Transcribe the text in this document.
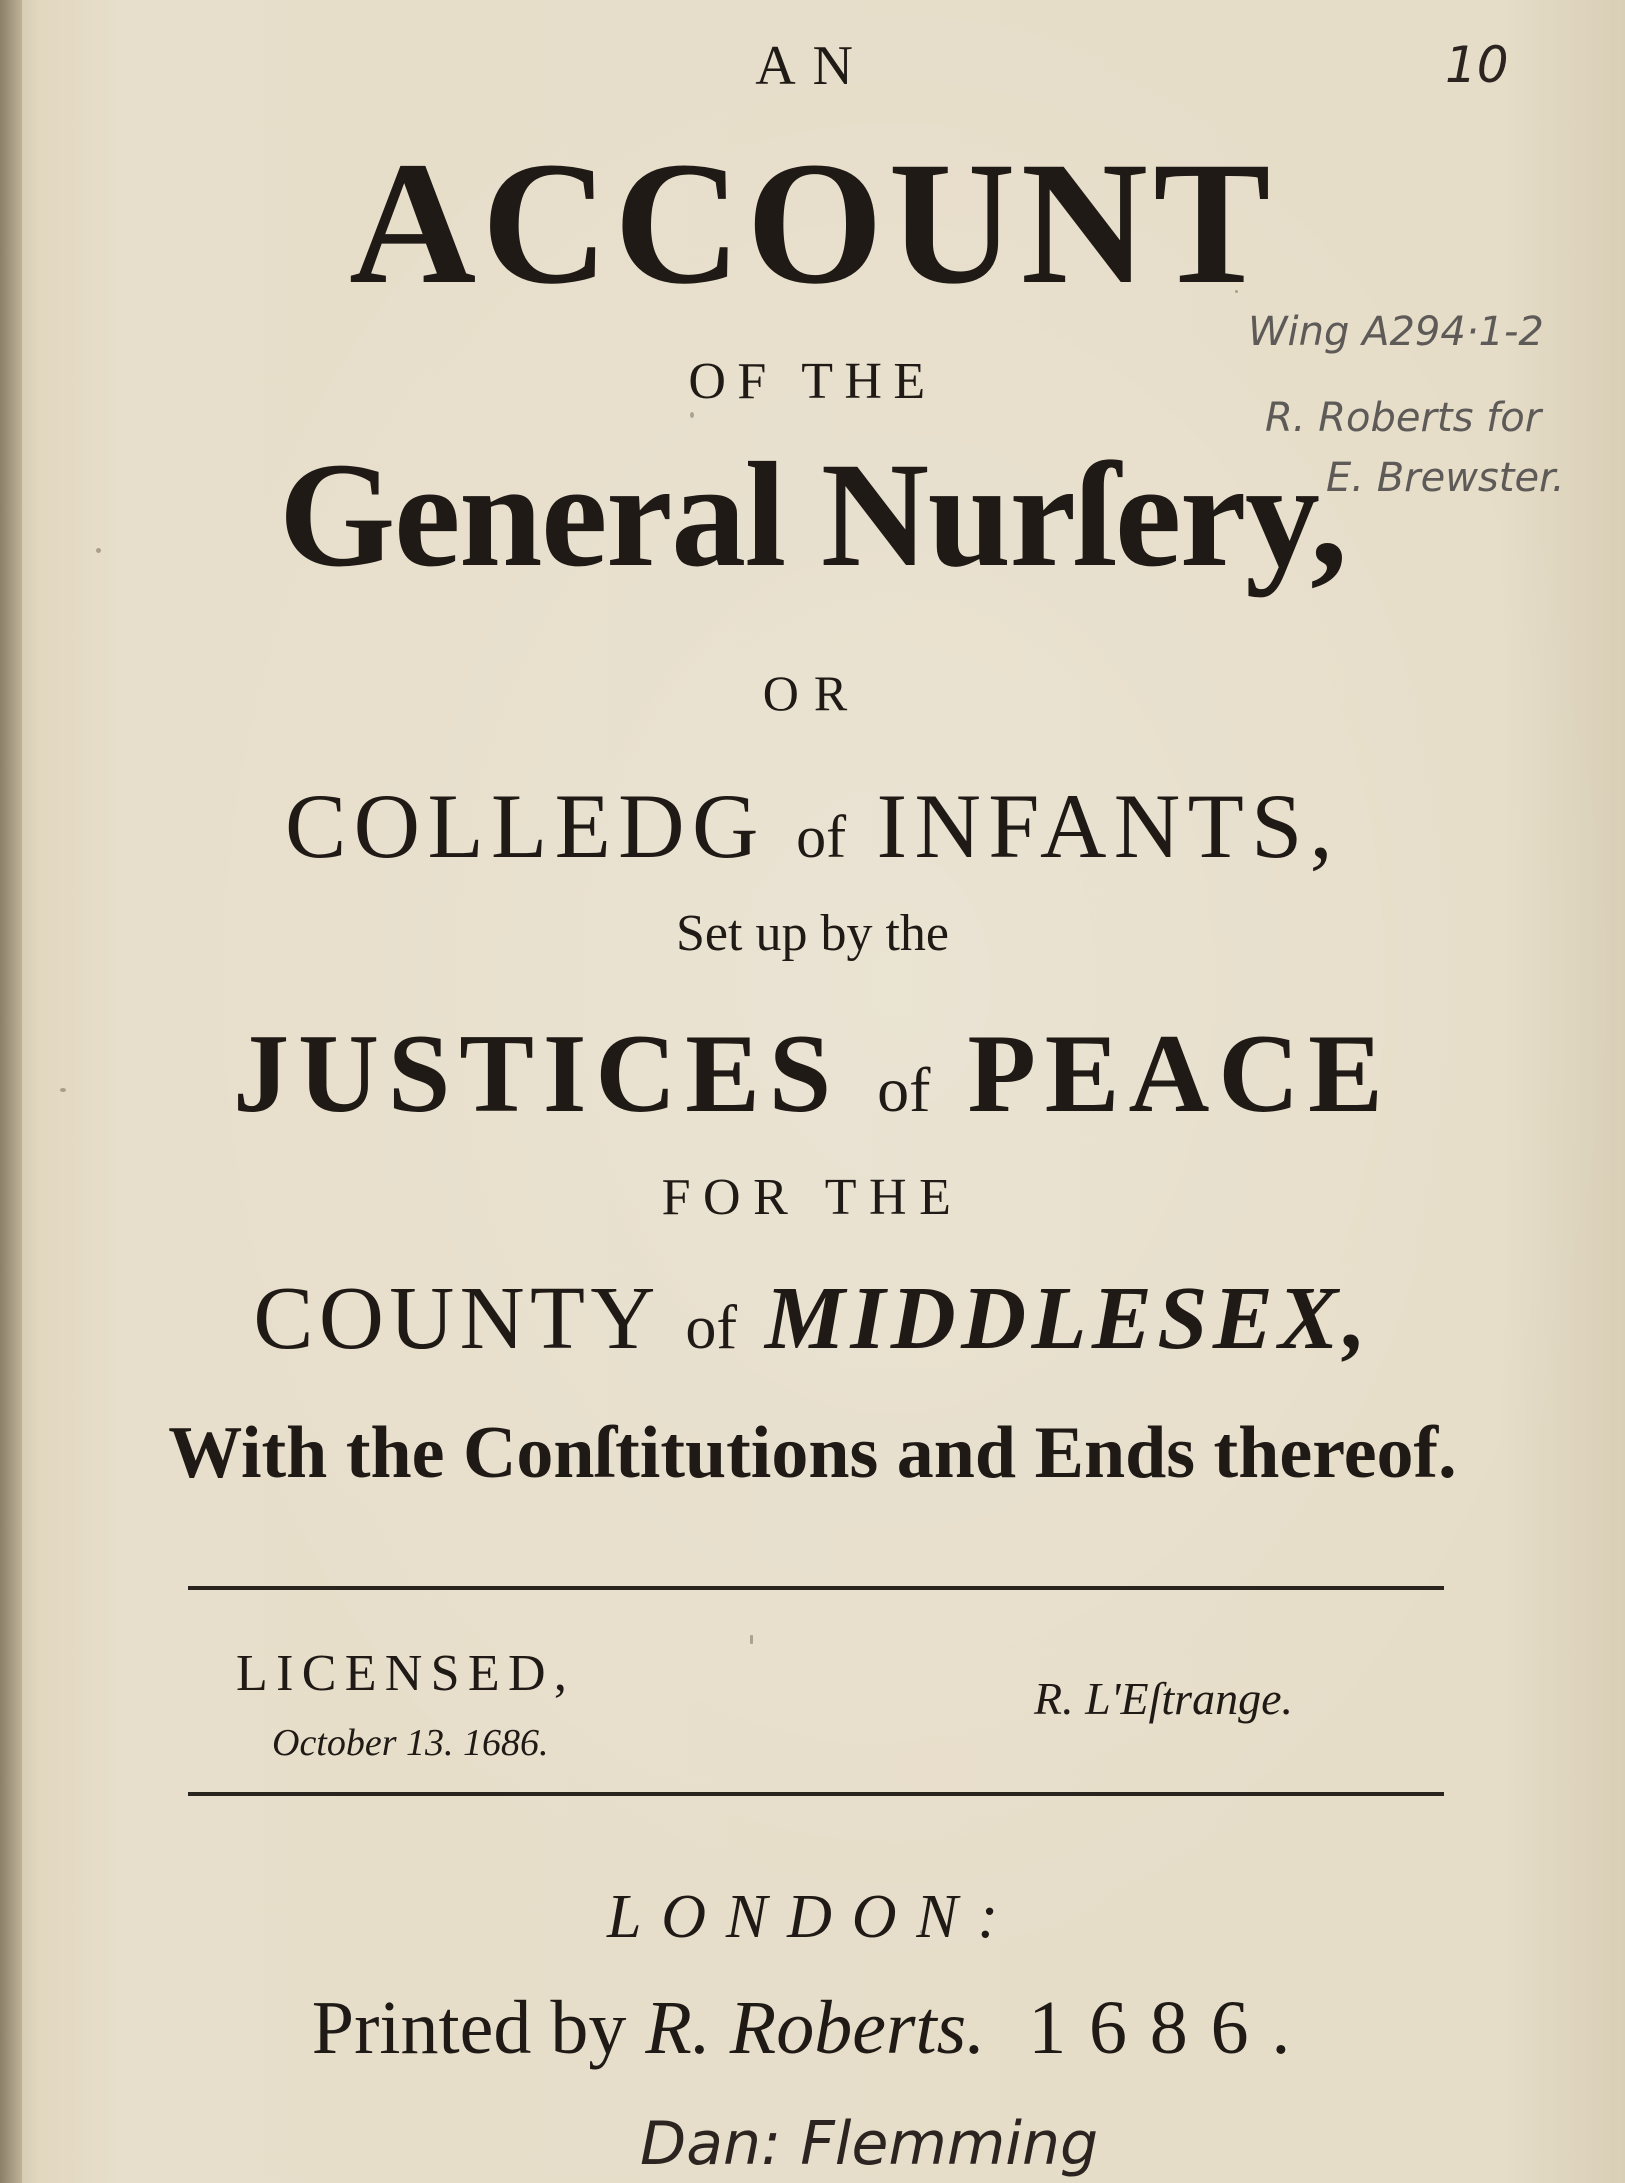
10
Wing A294·1-2
R. Roberts for
E. Brewster.
AN
ACCOUNT
OF THE
General Nurſery,
OR
COLLEDG of INFANTS,
Set up by the
JUSTICES of PEACE
FOR THE
COUNTY of MIDDLESEX,
With the Conſtitutions and Ends thereof.
LICENSED,
October 13. 1686.
R. L'Eſtrange.
LONDON:
Printed by R. Roberts. 1686.
Dan: Flemming
